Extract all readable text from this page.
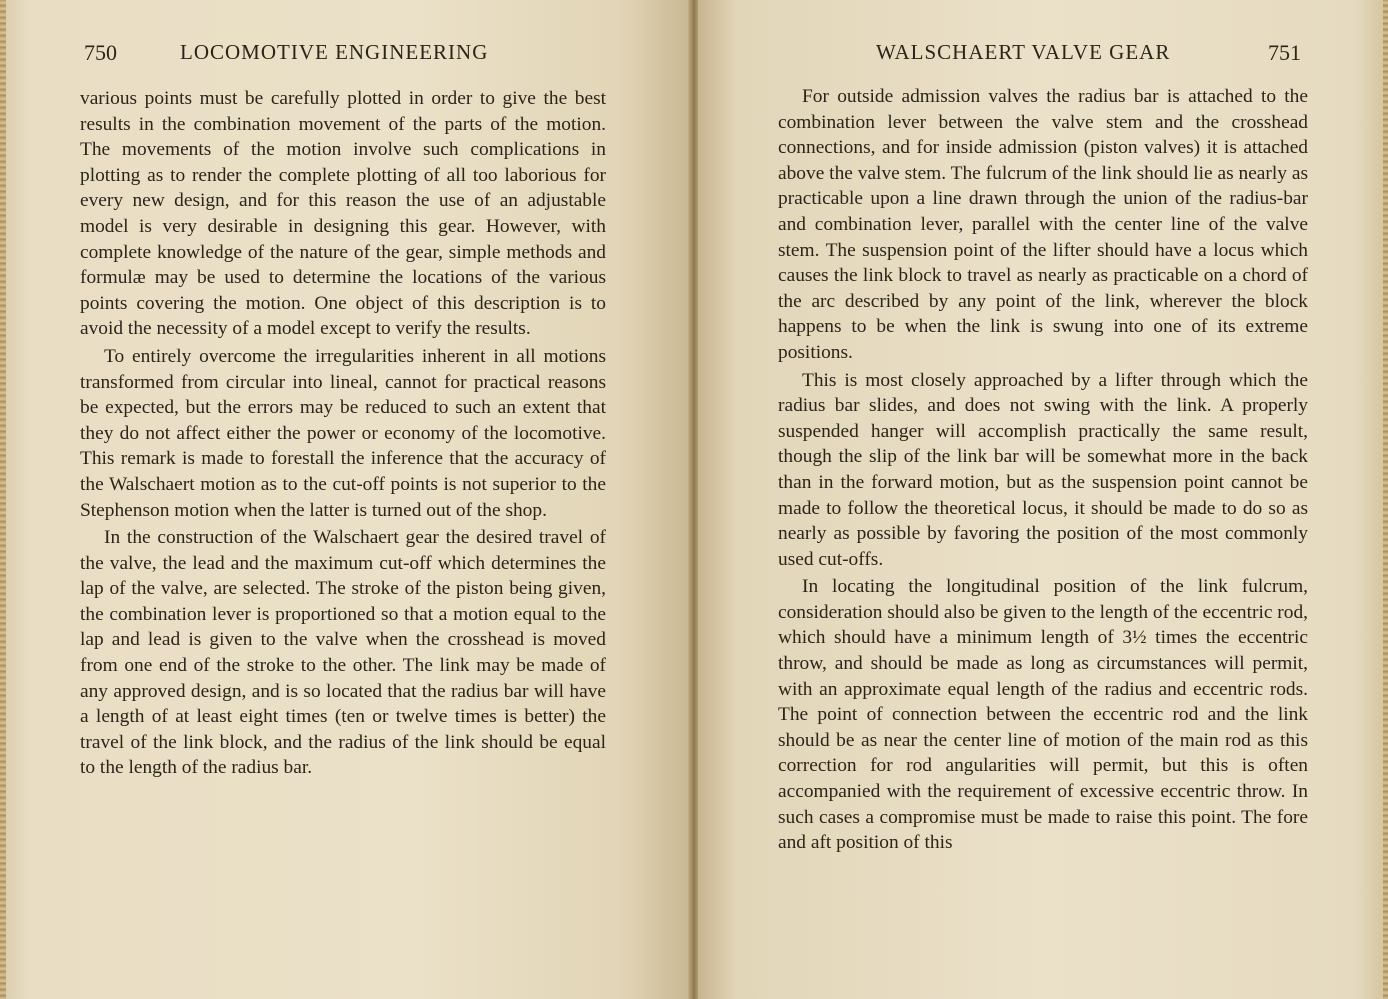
750	LOCOMOTIVE ENGINEERING

various points must be carefully plotted in order to give the best results in the combination movement of the parts of the motion. The movements of the motion involve such complications in plotting as to render the complete plotting of all too laborious for every new design, and for this reason the use of an adjustable model is very desirable in designing this gear. However, with complete knowledge of the nature of the gear, simple methods and formulæ may be used to determine the locations of the various points covering the motion. One object of this description is to avoid the necessity of a model except to verify the results.

To entirely overcome the irregularities inherent in all motions transformed from circular into lineal, cannot for practical reasons be expected, but the errors may be reduced to such an extent that they do not affect either the power or economy of the locomotive. This remark is made to forestall the inference that the accuracy of the Walschaert motion as to the cut-off points is not superior to the Stephenson motion when the latter is turned out of the shop.

In the construction of the Walschaert gear the desired travel of the valve, the lead and the maximum cut-off which determines the lap of the valve, are selected. The stroke of the piston being given, the combination lever is proportioned so that a motion equal to the lap and lead is given to the valve when the crosshead is moved from one end of the stroke to the other. The link may be made of any approved design, and is so located that the radius bar will have a length of at least eight times (ten or twelve times is better) the travel of the link block, and the radius of the link should be equal to the length of the radius bar.

WALSCHAERT VALVE GEAR	751

For outside admission valves the radius bar is attached to the combination lever between the valve stem and the crosshead connections, and for inside admission (piston valves) it is attached above the valve stem. The fulcrum of the link should lie as nearly as practicable upon a line drawn through the union of the radius-bar and combination lever, parallel with the center line of the valve stem. The suspension point of the lifter should have a locus which causes the link block to travel as nearly as practicable on a chord of the arc described by any point of the link, wherever the block happens to be when the link is swung into one of its extreme positions.

This is most closely approached by a lifter through which the radius bar slides, and does not swing with the link. A properly suspended hanger will accomplish practically the same result, though the slip of the link bar will be somewhat more in the back than in the forward motion, but as the suspension point cannot be made to follow the theoretical locus, it should be made to do so as nearly as possible by favoring the position of the most commonly used cut-offs.

In locating the longitudinal position of the link fulcrum, consideration should also be given to the length of the eccentric rod, which should have a minimum length of 3½ times the eccentric throw, and should be made as long as circumstances will permit, with an approximate equal length of the radius and eccentric rods. The point of connection between the eccentric rod and the link should be as near the center line of motion of the main rod as this correction for rod angularities will permit, but this is often accompanied with the requirement of excessive eccentric throw. In such cases a compromise must be made to raise this point. The fore and aft position of this
